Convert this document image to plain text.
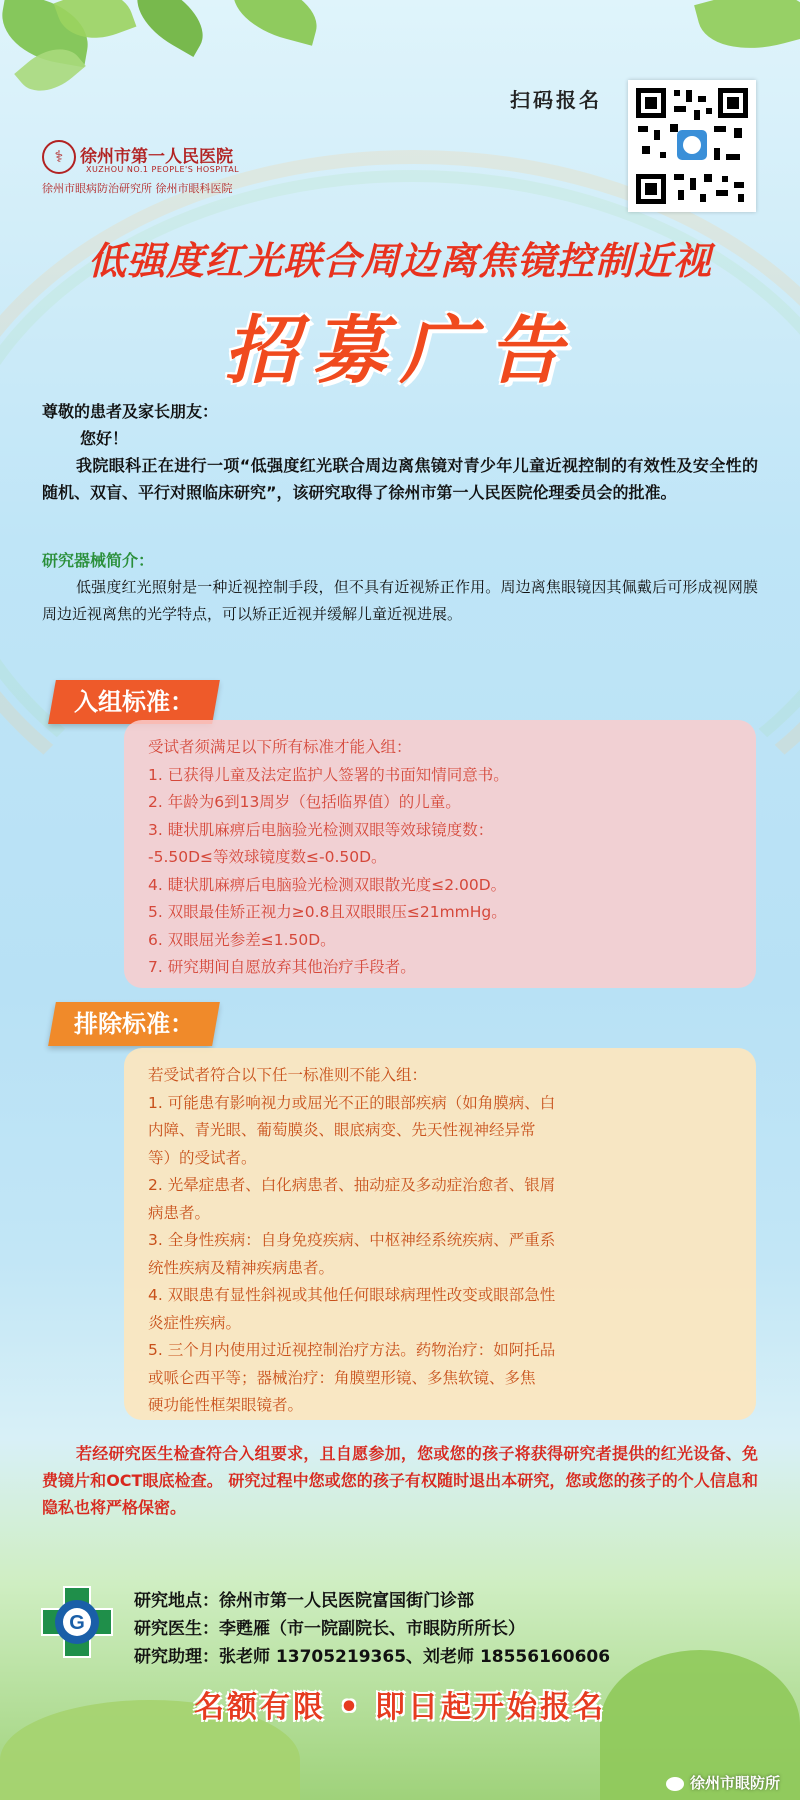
扫码报名
⚕ 徐州市第一人民医院
XUZHOU NO.1 PEOPLE'S HOSPITAL
徐州市眼病防治研究所 徐州市眼科医院
低强度红光联合周边离焦镜控制近视
招募广告
尊敬的患者及家长朋友：
您好！
我院眼科正在进行一项“低强度红光联合周边离焦镜对青少年儿童近视控制的有效性及安全性的随机、双盲、平行对照临床研究”，该研究取得了徐州市第一人民医院伦理委员会的批准。
研究器械简介：
低强度红光照射是一种近视控制手段，但不具有近视矫正作用。周边离焦眼镜因其佩戴后可形成视网膜周边近视离焦的光学特点，可以矫正近视并缓解儿童近视进展。
入组标准：
受试者须满足以下所有标准才能入组：
1. 已获得儿童及法定监护人签署的书面知情同意书。
2. 年龄为6到13周岁（包括临界值）的儿童。
3. 睫状肌麻痹后电脑验光检测双眼等效球镜度数：
-5.50D≤等效球镜度数≤-0.50D。
4. 睫状肌麻痹后电脑验光检测双眼散光度≤2.00D。
5. 双眼最佳矫正视力≥0.8且双眼眼压≤21mmHg。
6. 双眼屈光参差≤1.50D。
7. 研究期间自愿放弃其他治疗手段者。
排除标准：
若受试者符合以下任一标准则不能入组：
1. 可能患有影响视力或屈光不正的眼部疾病（如角膜病、白
内障、青光眼、葡萄膜炎、眼底病变、先天性视神经异常
等）的受试者。
2. 光晕症患者、白化病患者、抽动症及多动症治愈者、银屑
病患者。
3. 全身性疾病：自身免疫疾病、中枢神经系统疾病、严重系
统性疾病及精神疾病患者。
4. 双眼患有显性斜视或其他任何眼球病理性改变或眼部急性
炎症性疾病。
5. 三个月内使用过近视控制治疗方法。药物治疗：如阿托品
或哌仑西平等；器械治疗：角膜塑形镜、多焦软镜、多焦
硬功能性框架眼镜者。
若经研究医生检查符合入组要求，且自愿参加，您或您的孩子将获得研究者提供的红光设备、免费镜片和OCT眼底检查。 研究过程中您或您的孩子有权随时退出本研究，您或您的孩子的个人信息和隐私也将严格保密。
G
研究地点：徐州市第一人民医院富国街门诊部
研究医生：李甦雁（市一院副院长、市眼防所所长）
研究助理：张老师 13705219365、刘老师 18556160606
名额有限 • 即日起开始报名
徐州市眼防所
